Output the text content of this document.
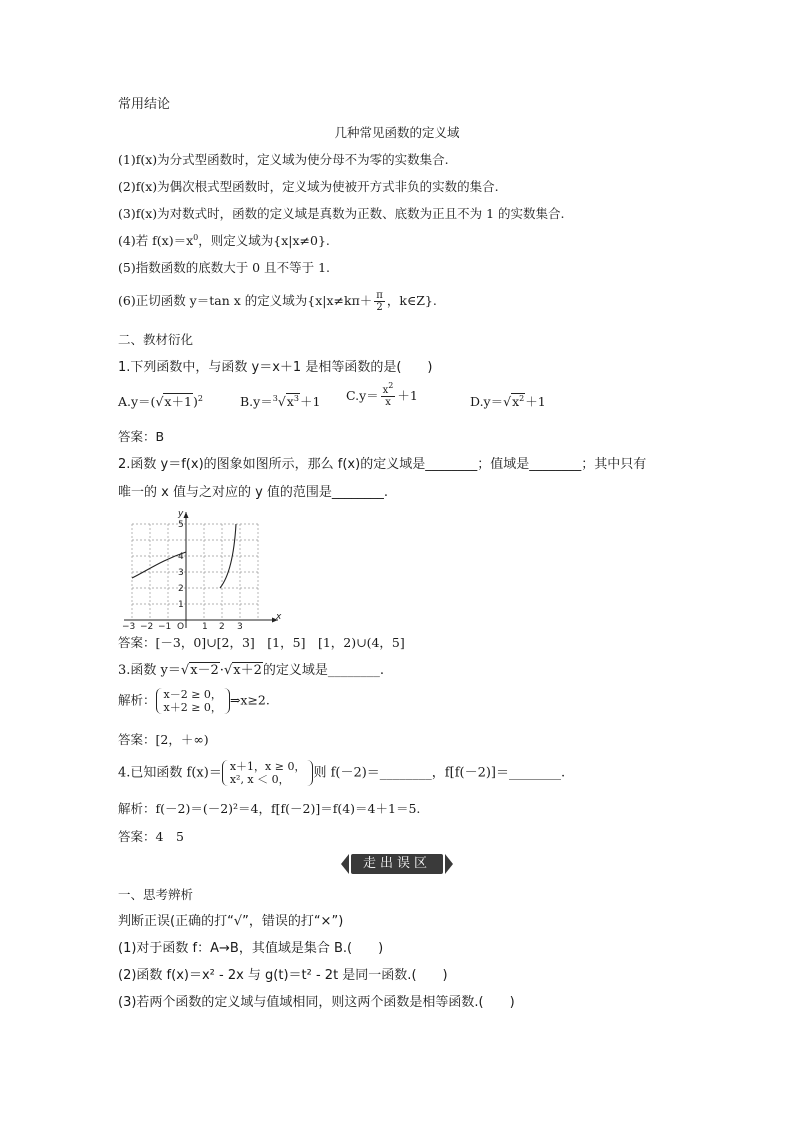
常用结论
几种常见函数的定义域
(1)f(x)为分式型函数时，定义域为使分母不为零的实数集合.
(2)f(x)为偶次根式型函数时，定义域为使被开方式非负的实数的集合.
(3)f(x)为对数式时，函数的定义域是真数为正数、底数为正且不为 1 的实数集合.
(4)若 $f(x)=x^0$，则定义域为{x|x≠0}.
(5)指数函数的底数大于 0 且不等于 1.
(6)正切函数 y＝tan x 的定义域为{$x|x\ne k\pi+ \frac{\pi}{2}$ ，k∈Z}.
二、教材衍化
1.下列函数中，与函数 y＝x＋1 是相等函数的是(　　)
$A.y=(√x+1)^2$	$B.y=^3√x^3+1$ $C.y= \frac{x^2}{x} +1$	$D.y=√x^2+1$
答案：B
2.函数 y＝f(x)的图象如图所示，那么 f(x)的定义域是________；值域是________；其中只有
唯一的 x 值与之对应的 y 值的范围是________.
−3 −2 −1 O 1 2 3
1
2
3
4
5
x
y
答案：[－3，0]∪[2，3]　[1，5]　[1，2)∪(4，5]
3.函数 y＝√x－2·√x＋2的定义域是________.
解析： x－2 ≥ 0，
x＋2 ≥ 0， ⇒x≥2.
答案：[2，＋∞)
4.已知函数 f(x)＝ x＋1，x ≥ 0，
x², x ＜ 0，	则 f(－2)＝________，f[f(－2)]＝________.
解析：f(－2)＝(－2)²＝4，f[f(－2)]＝f(4)＝4＋1＝5.
答案：4　5
走出误区
一、思考辨析
判断正误(正确的打“√”，错误的打“×”)
(1)对于函数 f：A→B，其值域是集合 B.(　　)
(2)函数 f(x)＝x² - 2x 与 g(t)＝t² - 2t 是同一函数.(　　)
(3)若两个函数的定义域与值域相同，则这两个函数是相等函数.(　　)
